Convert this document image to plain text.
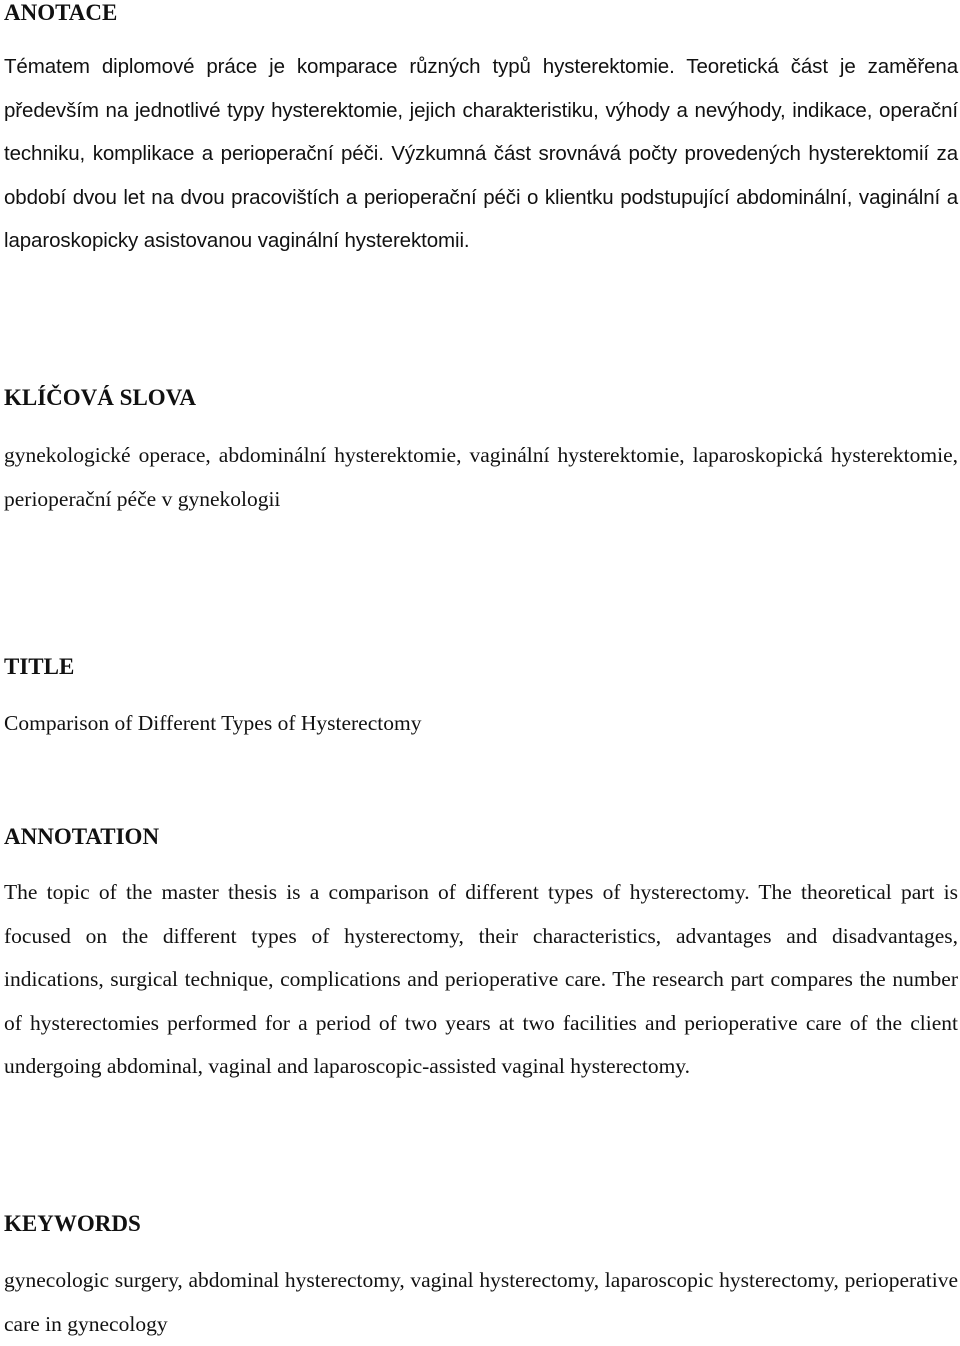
ANOTACE

Tématem diplomové práce je komparace různých typů hysterektomie. Teoretická část je zaměřena především na jednotlivé typy hysterektomie, jejich charakteristiku, výhody a nevýhody, indikace, operační techniku, komplikace a perioperační péči. Výzkumná část srovnává počty provedených hysterektomií za období dvou let na dvou pracovištích a perioperační péči o klientku podstupující abdominální, vaginální a laparoskopicky asistovanou vaginální hysterektomii.

KLÍČOVÁ SLOVA

gynekologické operace, abdominální hysterektomie, vaginální hysterektomie, laparoskopická hysterektomie, perioperační péče v gynekologii

TITLE

Comparison of Different Types of Hysterectomy

ANNOTATION

The topic of the master thesis is a comparison of different types of hysterectomy. The theoretical part is focused on the different types of hysterectomy, their characteristics, advantages and disadvantages, indications, surgical technique, complications and perioperative care. The research part compares the number of hysterectomies performed for a period of two years at two facilities and perioperative care of the client undergoing abdominal, vaginal and laparoscopic-assisted vaginal hysterectomy.

KEYWORDS

gynecologic surgery, abdominal hysterectomy, vaginal hysterectomy, laparoscopic hysterectomy, perioperative care in gynecology
